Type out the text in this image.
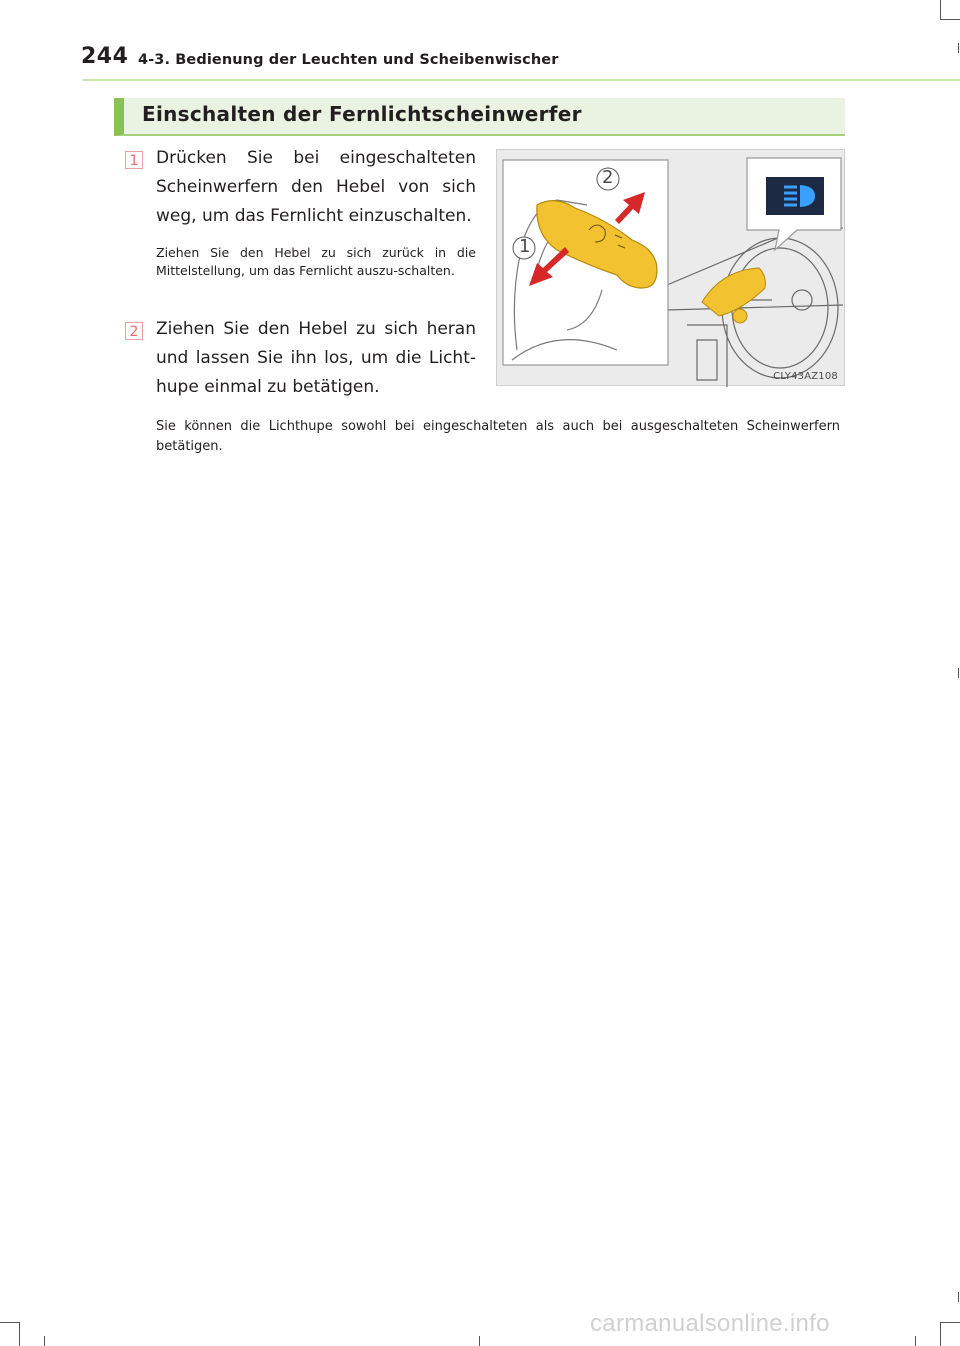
244 4-3. Bedienung der Leuchten und Scheibenwischer
Einschalten der Fernlichtscheinwerfer
1 Drücken Sie bei eingeschalteten Scheinwerfern den Hebel von sich weg, um das Fernlicht einzuschalten.
Ziehen Sie den Hebel zu sich zurück in die Mittelstellung, um das Fernlicht auszu-schalten.
2 Ziehen Sie den Hebel zu sich heran und lassen Sie ihn los, um die Licht-hupe einmal zu betätigen.
1
2
CLY43AZ108
Sie können die Lichthupe sowohl bei eingeschalteten als auch bei ausgeschalteten Scheinwerfern betätigen.
carmanualsonline.info
